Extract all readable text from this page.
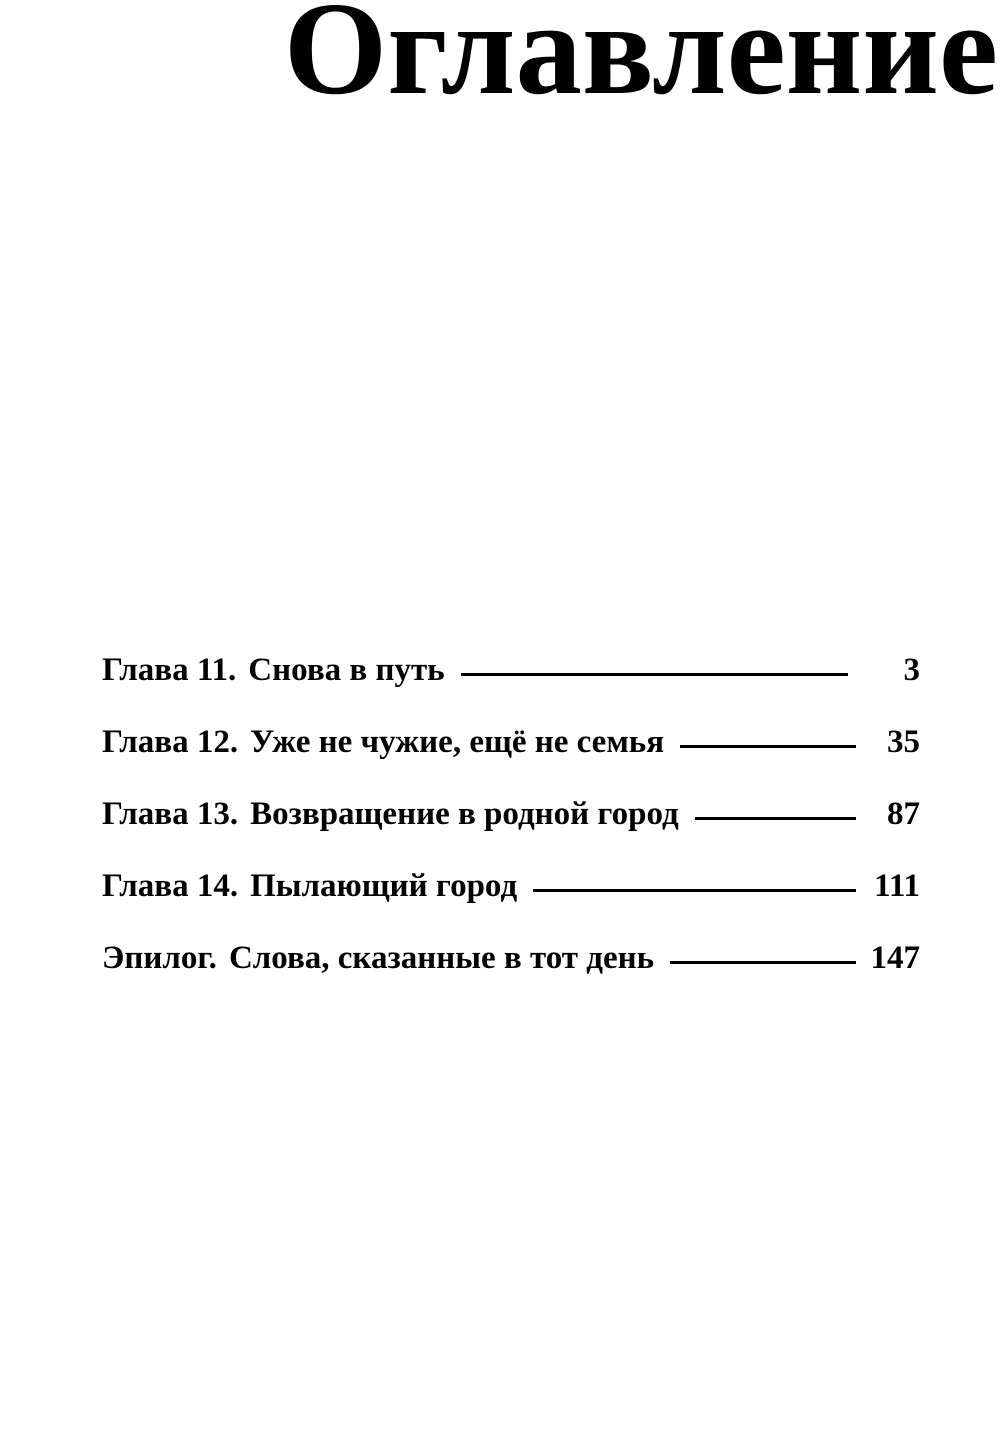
Оглавление
Глава 11. Снова в путь	3
Глава 12. Уже не чужие, ещё не семья	35
Глава 13. Возвращение в родной город	87
Глава 14. Пылающий город	111
Эпилог. Слова, сказанные в тот день	147
